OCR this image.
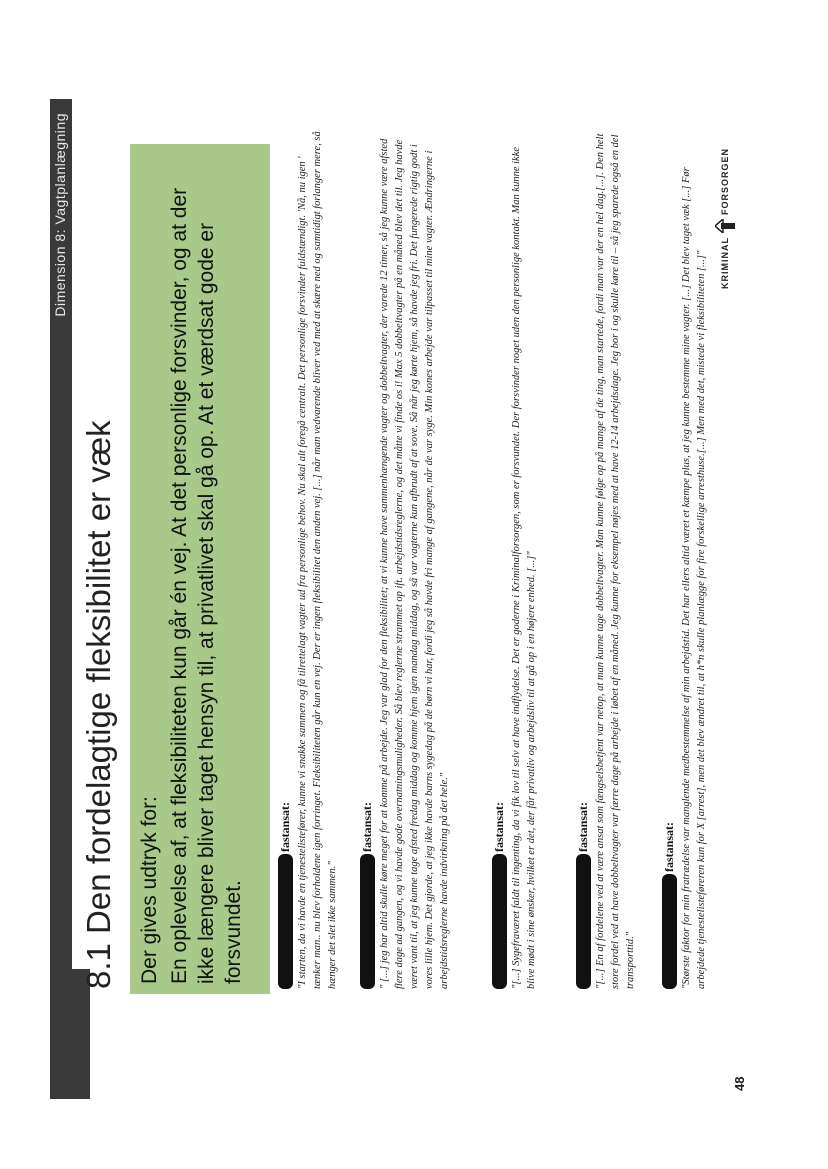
Dimension 8: Vagtplanlægning
8.1 Den fordelagtige fleksibilitet er væk Der gives udtryk for: En oplevelse af, at fleksibiliteten kun går én vej. At det personlige forsvinder, og at der ikke længere bliver taget hensyn til, at privatlivet skal gå op. At et værdsat gode er forsvundet.
fastansat: "I starten, da vi havde en tjenestelistefører, kunne vi snakke sammen og få tilrettelagt vagter ud fra personlige behov. Nu skal alt foregå centralt. Det personlige forsvinder fuldstændigt. 'Nå, nu igen ' tænker man.. nu blev forholdene igen forringet. Fleksibiliteten går kun en vej. Der er ingen fleksibilitet den anden vej. [...] når man vedvarende bliver ved med at skære ned og samtidigt forlanger mere, så hænger det slet ikke sammen."
fastansat: " [...] jeg har altid skulle køre meget for at komme på arbejde. Jeg var glad for den fleksibilitet; at vi kunne have sammenhængende vagter og dobbeltvagter, der varede 12 timer, så jeg kunne være afsted flere dage ad gangen, og vi havde gode overnatningsmuligheder. Så blev reglerne strammet op ift. arbejdstidsreglerne, og det måtte vi finde os i! Max 5 dobbeltvagter på en måned blev det til. Jeg havde været vant til, at jeg kunne tage afsted fredag middag og komme hjem igen mandag middag, og så var vagterne kun afbrudt af at sove. Så når jeg kørte hjem, så havde jeg fri. Det fungerede rigtig godt i vores lille hjem. Det gjorde, at jeg ikke havde barns sygedag på de børn vi har, fordi jeg så havde fri mange af gangene, når de var syge. Min kones arbejde var tilpasset til mine vagter. Ændringerne i arbejdstidsreglerne havde indvirkning på det hele."	fastansat: "[...] Sygefraværet faldt til ingenting, da vi fik lov til selv at have indflydelse. Det er goderne i Kriminalforsorgen, som er forsvundet. Der forsvinder noget uden den personlige kontakt. Man kunne ikke blive mødt i sine ønsker, hvilket er det, der får privatliv og arbejdsliv til at gå op i en højere enhed. [...]"	fastansat: "[...] En af fordelene ved at være ansat som fængselsbetjent var netop, at man kunne tage dobbeltvagter. Man kunne følge op på mange af de ting, man startede, fordi man var der en hel dag.[...]. Den helt store fordel ved at have dobbeltvagter var færre dage på arbejde i løbet af en måned. Jeg kunne for eksempel nøjes med at have 12-14 arbejdsdage. Jeg bor i og skulle køre til – så jeg sparede også en del transporttid."
fastansat: "Største faktor for min fratrædelse var manglende medbestemmelse af min arbejdstid. Det har ellers altid været et kæmpe plus, at jeg kunne bestemme mine vagter. [...] Det blev taget væk [...] Før arbejdede tjenestelisteføreren kun for X [arrest], men det blev ændret til, at h*n skulle planlægge for fire forskellige arresthuse.[...] Men med det, mistede vi fleksibiliteten [...]"
48
KRIMINAL
FORSORGEN
